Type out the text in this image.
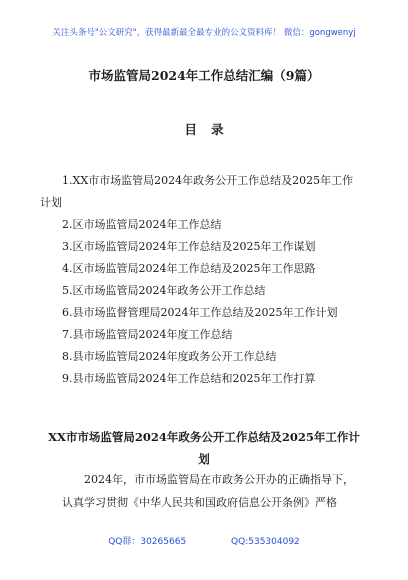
关注头条号"公文研究"，获得最新最全最专业的公文资料库！ 微信：gongwenyj
市场监管局2024年工作总结汇编（9篇）
目录
1.XX市市场监管局2024年政务公开工作总结及2025年工作计划
2.区市场监管局2024年工作总结
3.区市场监管局2024年工作总结及2025年工作谋划
4.区市场监管局2024年工作总结及2025年工作思路
5.区市场监管局2024年政务公开工作总结
6.县市场监督管理局2024年工作总结及2025年工作计划
7.县市场监管局2024年度工作总结
8.县市场监管局2024年度政务公开工作总结
9.县市场监管局2024年工作总结和2025年工作打算
XX市市场监管局2024年政务公开工作总结及2025年工作计划
2024年，市市场监管局在市政务公开办的正确指导下，认真学习贯彻《中华人民共和国政府信息公开条例》严格
QQ群：30265665	QQ:535304092
